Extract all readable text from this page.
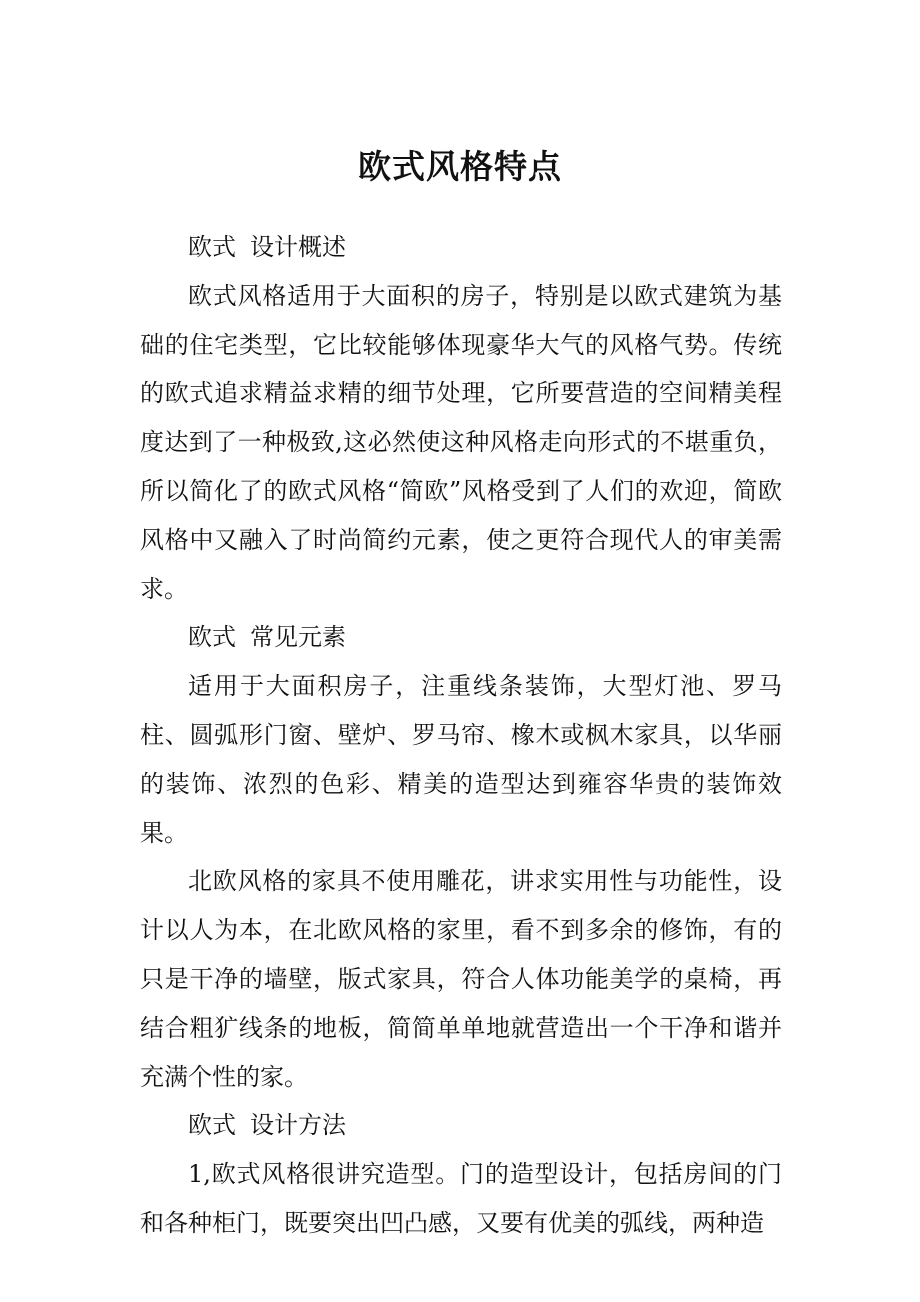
欧式风格特点

欧式 设计概述

欧式风格适用于大面积的房子，特别是以欧式建筑为基础的住宅类型，它比较能够体现豪华大气的风格气势。传统的欧式追求精益求精的细节处理，它所要营造的空间精美程度达到了一种极致,这必然使这种风格走向形式的不堪重负，所以简化了的欧式风格“简欧”风格受到了人们的欢迎，简欧风格中又融入了时尚简约元素，使之更符合现代人的审美需求。

欧式 常见元素

适用于大面积房子，注重线条装饰，大型灯池、罗马柱、圆弧形门窗、壁炉、罗马帘、橡木或枫木家具，以华丽的装饰、浓烈的色彩、精美的造型达到雍容华贵的装饰效果。

北欧风格的家具不使用雕花，讲求实用性与功能性，设计以人为本，在北欧风格的家里，看不到多余的修饰，有的只是干净的墙壁，版式家具，符合人体功能美学的桌椅，再结合粗犷线条的地板，简简单单地就营造出一个干净和谐并充满个性的家。

欧式 设计方法

1,欧式风格很讲究造型。门的造型设计，包括房间的门和各种柜门，既要突出凹凸感，又要有优美的弧线，两种造
